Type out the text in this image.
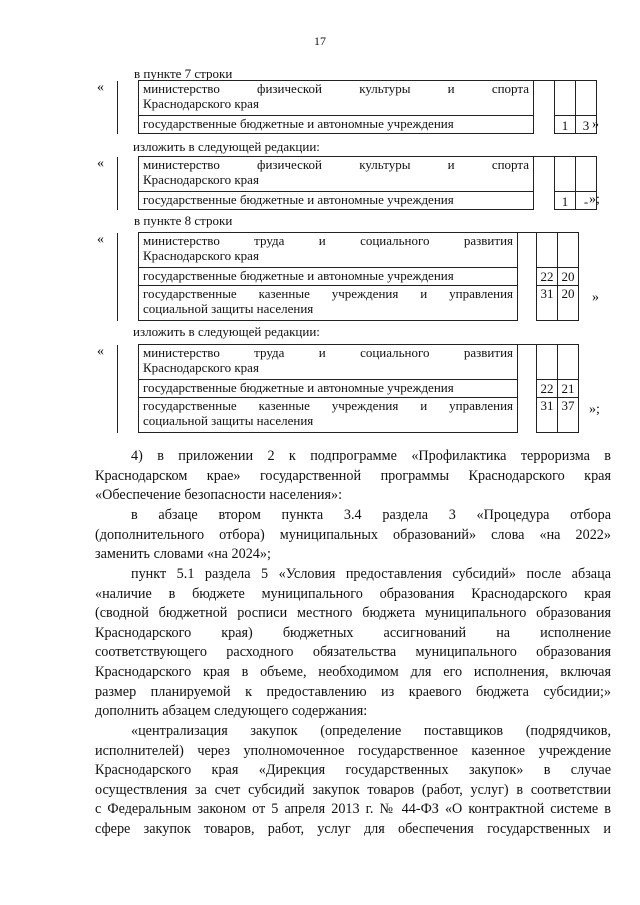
17
в пункте 7 строки
«

	министерство физической культуры и спорта
Краснодарского края			

	государственные бюджетные и автономные учреждения		1	3 »
изложить в следующей редакции:
«

	министерство физической культуры и спорта
Краснодарского края			

	государственные бюджетные и автономные учреждения		1	- »;
в пункте 8 строки
«

	министерство труда и социального развития
Краснодарского края			

	государственные бюджетные и автономные учреждения		22	20

	государственные казенные учреждения и управления
социальной защиты населения		31	20 »
изложить в следующей редакции:
«

	министерство труда и социального развития
Краснодарского края			

	государственные бюджетные и автономные учреждения		22	21

	государственные казенные учреждения и управления
социальной защиты населения		31	37 »;
4) в приложении 2 к подпрограмме «Профилактика терроризма в
Краснодарском крае» государственной программы Краснодарского края
«Обеспечение безопасности населения»:
в абзаце втором пункта 3.4 раздела 3 «Процедура отбора
(дополнительного отбора) муниципальных образований» слова «на 2022»
заменить словами «на 2024»;
пункт 5.1 раздела 5 «Условия предоставления субсидий» после абзаца
«наличие в бюджете муниципального образования Краснодарского края
(сводной бюджетной росписи местного бюджета муниципального образования
Краснодарского края) бюджетных ассигнований на исполнение
соответствующего расходного обязательства муниципального образования
Краснодарского края в объеме, необходимом для его исполнения, включая
размер планируемой к предоставлению из краевого бюджета субсидии;»
дополнить абзацем следующего содержания:
«централизация закупок (определение поставщиков (подрядчиков,
исполнителей) через уполномоченное государственное казенное учреждение
Краснодарского края «Дирекция государственных закупок» в случае
осуществления за счет субсидий закупок товаров (работ, услуг) в соответствии
с Федеральным законом от 5 апреля 2013 г. № 44-ФЗ «О контрактной системе в
сфере закупок товаров, работ, услуг для обеспечения государственных и
